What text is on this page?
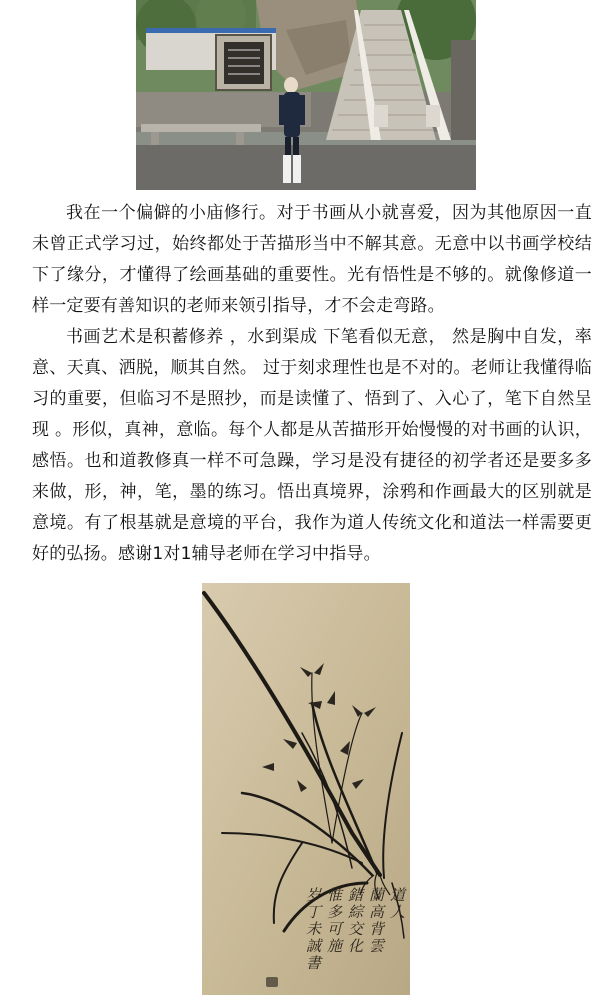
我在一个偏僻的小庙修行。对于书画从小就喜爱，因为其他原因一直未曾正式学习过，始终都处于苦描形当中不解其意。无意中以书画学校结下了缘分，才懂得了绘画基础的重要性。光有悟性是不够的。就像修道一样一定要有善知识的老师来领引指导，才不会走弯路。

书画艺术是积蓄修养 ，水到渠成 下笔看似无意， 然是胸中自发，率意、天真、洒脱，顺其自然。 过于刻求理性也是不对的。老师让我懂得临习的重要，但临习不是照抄，而是读懂了、悟到了、入心了，笔下自然呈现 。形似，真神，意临。每个人都是从苦描形开始慢慢的对书画的认识，感悟。也和道教修真一样不可急躁，学习是没有捷径的初学者还是要多多来做，形，神，笔，墨的练习。悟出真境界，涂鸦和作画最大的区别就是意境。有了根基就是意境的平台，我作为道人传统文化和道法一样需要更好的弘扬。感谢1对1辅导老师在学习中指导。

道人
蘭高背雲
錯綜交化
惟多可施
岁丁未誠書
